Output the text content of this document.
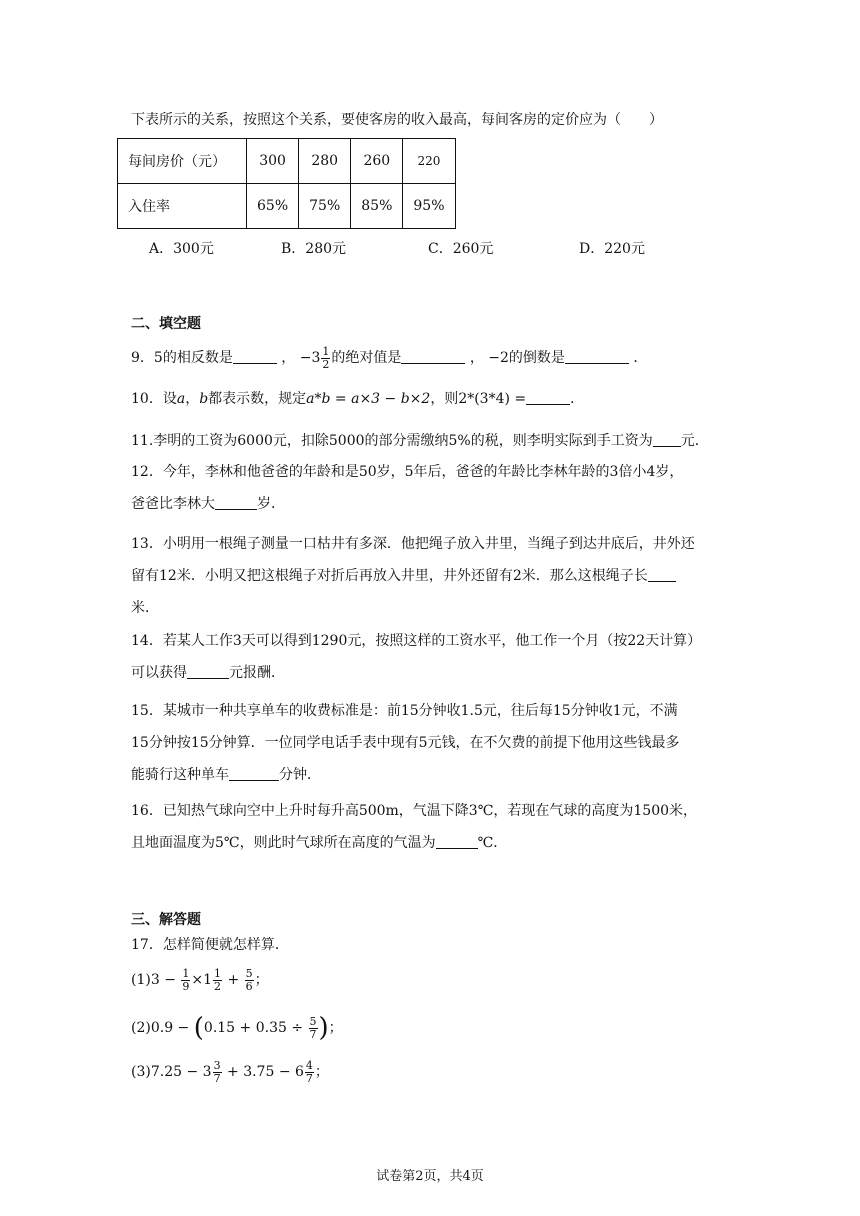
下表所示的关系，按照这个关系，要使客房的收入最高，每间客房的定价应为（　　）
每间房价（元）	300	280	260	220
入住率	65%	75%	85%	95%
A．300元	B．280元	C．260元	D．220元
二、填空题
9．5的相反数是	， $-3 \frac{1}{2}$ 的绝对值是	， −2的倒数是	．
10．设a，b都表示数，规定a*b = a×3 − b×2，则2*(3*4) =	．
11.李明的工资为6000元，扣除5000的部分需缴纳5%的税，则李明实际到手工资为 元．
12．今年，李林和他爸爸的年龄和是50岁，5年后，爸爸的年龄比李林年龄的3倍小4岁，
爸爸比李林大	岁．
13．小明用一根绳子测量一口枯井有多深．他把绳子放入井里，当绳子到达井底后，井外还
留有12米．小明又把这根绳子对折后再放入井里，井外还留有2米．那么这根绳子长
米．
14．若某人工作3天可以得到1290元，按照这样的工资水平，他工作一个月（按22天计算）
可以获得	元报酬．
15．某城市一种共享单车的收费标准是：前15分钟收1.5元，往后每15分钟收1元，不满
15分钟按15分钟算．一位同学电话手表中现有5元钱，在不欠费的前提下他用这些钱最多
能骑行这种单车	分钟．
16．已知热气球向空中上升时每升高500m，气温下降3℃，若现在气球的高度为1500米，
且地面温度为5℃，则此时气球所在高度的气温为	℃．
三、解答题
17．怎样简便就怎样算．
$(1)3 - \frac{1}{9} \times 1 \frac{1}{2} + \frac{5}{6}$ ；
$(2)0.9 - (0.15 + 0.35 \div \frac{5}{7}$ )；
$(3)7.25 - 3 \frac{3}{7} + 3.75 - 6 \frac{4}{7}$ ；
试卷第2页，共4页
